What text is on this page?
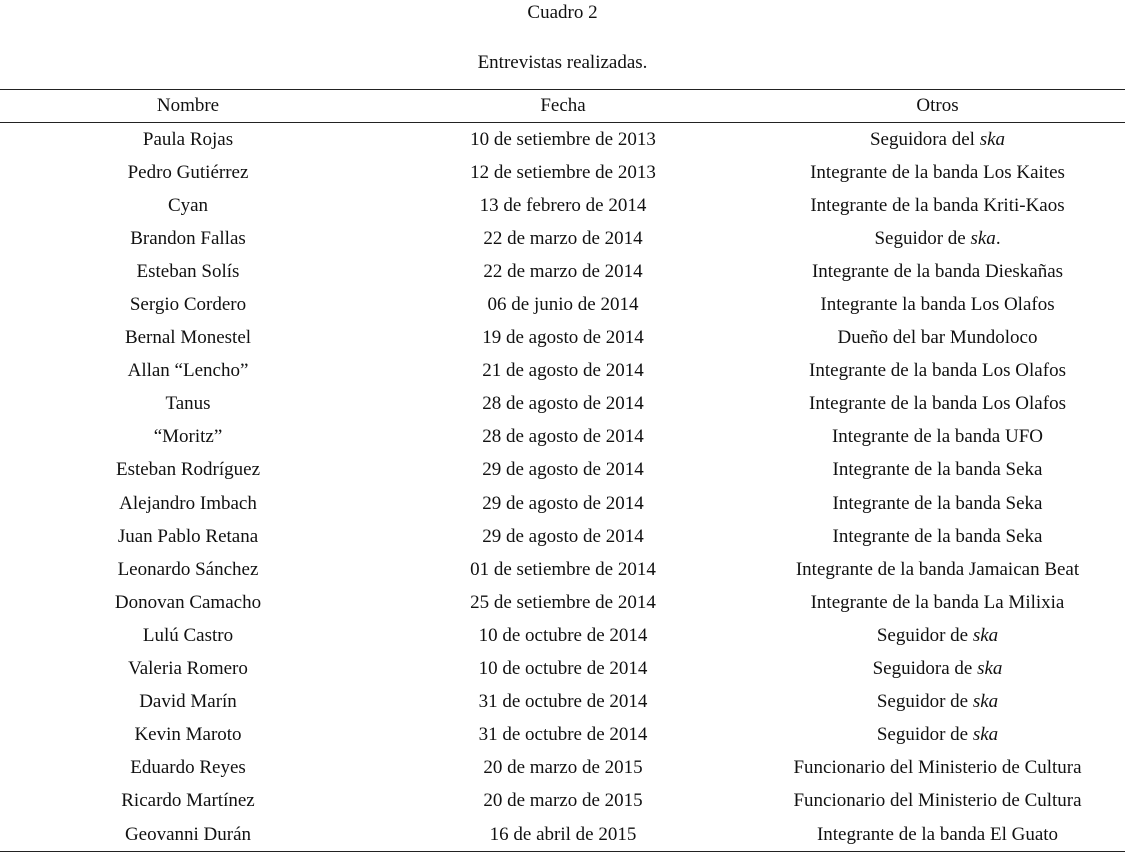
Cuadro 2
Entrevistas realizadas.
Nombre	Fecha	Otros
Paula Rojas	10 de setiembre de 2013	Seguidora del ska
Pedro Gutiérrez	12 de setiembre de 2013	Integrante de la banda Los Kaites
Cyan	13 de febrero de 2014	Integrante de la banda Kriti-Kaos
Brandon Fallas	22 de marzo de 2014	Seguidor de ska.
Esteban Solís	22 de marzo de 2014	Integrante de la banda Dieskañas
Sergio Cordero	06 de junio de 2014	Integrante la banda Los Olafos
Bernal Monestel	19 de agosto de 2014	Dueño del bar Mundoloco
Allan “Lencho”	21 de agosto de 2014	Integrante de la banda Los Olafos
Tanus	28 de agosto de 2014	Integrante de la banda Los Olafos
“Moritz”	28 de agosto de 2014	Integrante de la banda UFO
Esteban Rodríguez	29 de agosto de 2014	Integrante de la banda Seka
Alejandro Imbach	29 de agosto de 2014	Integrante de la banda Seka
Juan Pablo Retana	29 de agosto de 2014	Integrante de la banda Seka
Leonardo Sánchez	01 de setiembre de 2014	Integrante de la banda Jamaican Beat
Donovan Camacho	25 de setiembre de 2014	Integrante de la banda La Milixia
Lulú Castro	10 de octubre de 2014	Seguidor de ska
Valeria Romero	10 de octubre de 2014	Seguidora de ska
David Marín	31 de octubre de 2014	Seguidor de ska
Kevin Maroto	31 de octubre de 2014	Seguidor de ska
Eduardo Reyes	20 de marzo de 2015	Funcionario del Ministerio de Cultura
Ricardo Martínez	20 de marzo de 2015	Funcionario del Ministerio de Cultura
Geovanni Durán	16 de abril de 2015	Integrante de la banda El Guato
